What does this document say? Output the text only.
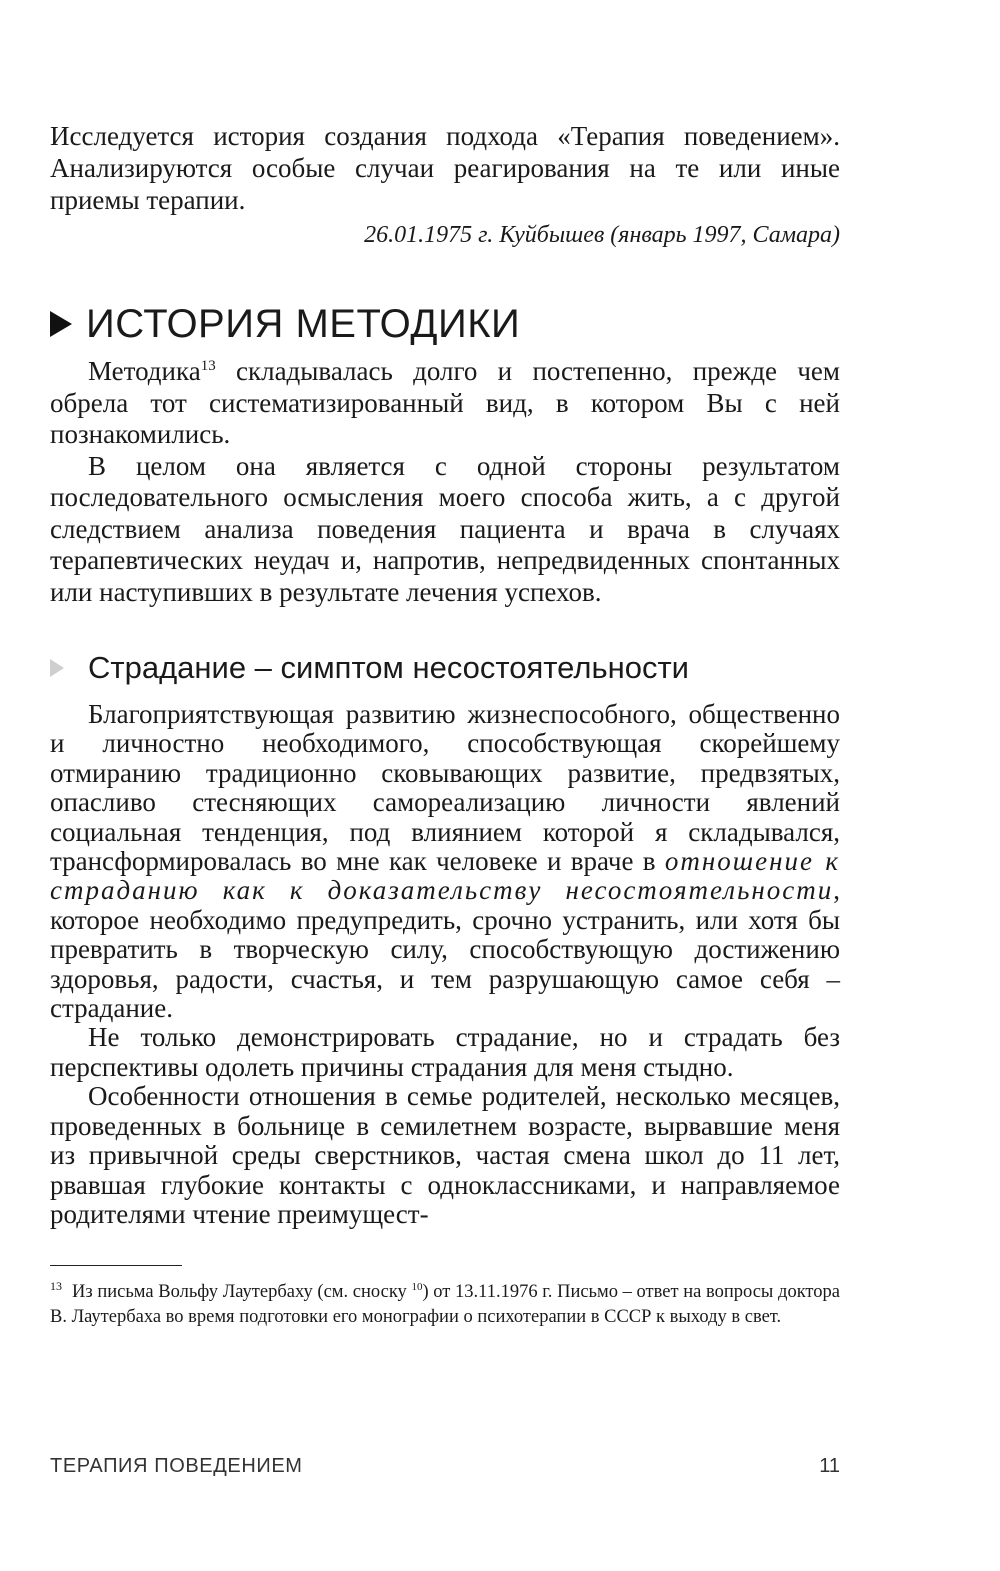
Исследуется история создания подхода «Терапия поведением». Анализируются особые случаи реагирования на те или иные приемы терапии.

26.01.1975 г. Куйбышев (январь 1997, Самара)

ИСТОРИЯ МЕТОДИКИ

Методика$^{13}$ складывалась долго и постепенно, прежде чем обрела тот систематизированный вид, в котором Вы с ней познакомились.

В целом она является с одной стороны результатом последовательного осмысления моего способа жить, а с другой следствием анализа поведения пациента и врача в случаях терапевтических неудач и, напротив, непредвиденных спонтанных или наступивших в результате лечения успехов.

Страдание – симптом несостоятельности

Благоприятствующая развитию жизнеспособного, общественно и личностно необходимого, способствующая скорейшему отмиранию традиционно сковывающих развитие, предвзятых, опасливо стесняющих самореализацию личности явлений социальная тенденция, под влиянием которой я складывался, трансформировалась во мне как человеке и враче в отношение к страданию как к доказательству несостоятельности, которое необходимо предупредить, срочно устранить, или хотя бы превратить в творческую силу, способствующую достижению здоровья, радости, счастья, и тем разрушающую самое себя – страдание.

Не только демонстрировать страдание, но и страдать без перспективы одолеть причины страдания для меня стыдно.

Особенности отношения в семье родителей, несколько месяцев, проведенных в больнице в семилетнем возрасте, вырвавшие меня из привычной среды сверстников, частая смена школ до 11 лет, рвавшая глубокие контакты с одноклассниками, и направляемое родителями чтение преимущест-

$^{13}$ Из письма Вольфу Лаутербаху (см. сноску $^{10}$) от 13.11.1976 г. Письмо – ответ на вопросы доктора В. Лаутербаха во время подготовки его монографии о психотерапии в СССР к выходу в свет.

ТЕРАПИЯ ПОВЕДЕНИЕМ	11
